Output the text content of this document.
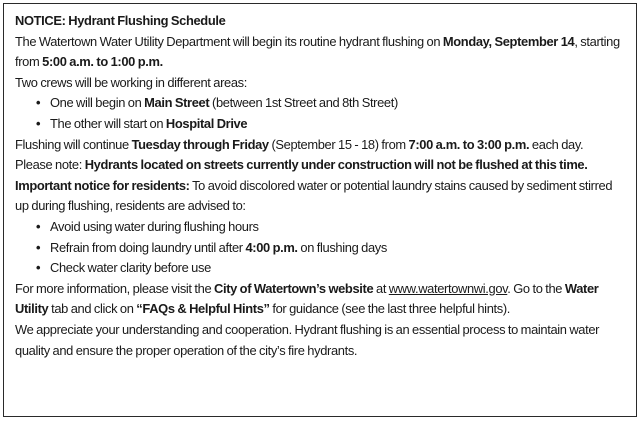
NOTICE: Hydrant Flushing Schedule

The Watertown Water Utility Department will begin its routine hydrant flushing on Monday, September 14, starting from 5:00 a.m. to 1:00 p.m.

Two crews will be working in different areas:

• One will begin on Main Street (between 1st Street and 8th Street)
• The other will start on Hospital Drive

Flushing will continue Tuesday through Friday (September 15 - 18) from 7:00 a.m. to 3:00 p.m. each day.

Please note: Hydrants located on streets currently under construction will not be flushed at this time.

Important notice for residents: To avoid discolored water or potential laundry stains caused by sediment stirred up during flushing, residents are advised to:

• Avoid using water during flushing hours
• Refrain from doing laundry until after 4:00 p.m. on flushing days
• Check water clarity before use

For more information, please visit the City of Watertown’s website at www.watertownwi.gov. Go to the Water Utility tab and click on “FAQs & Helpful Hints” for guidance (see the last three helpful hints).

We appreciate your understanding and cooperation. Hydrant flushing is an essential process to maintain water quality and ensure the proper operation of the city’s fire hydrants.
